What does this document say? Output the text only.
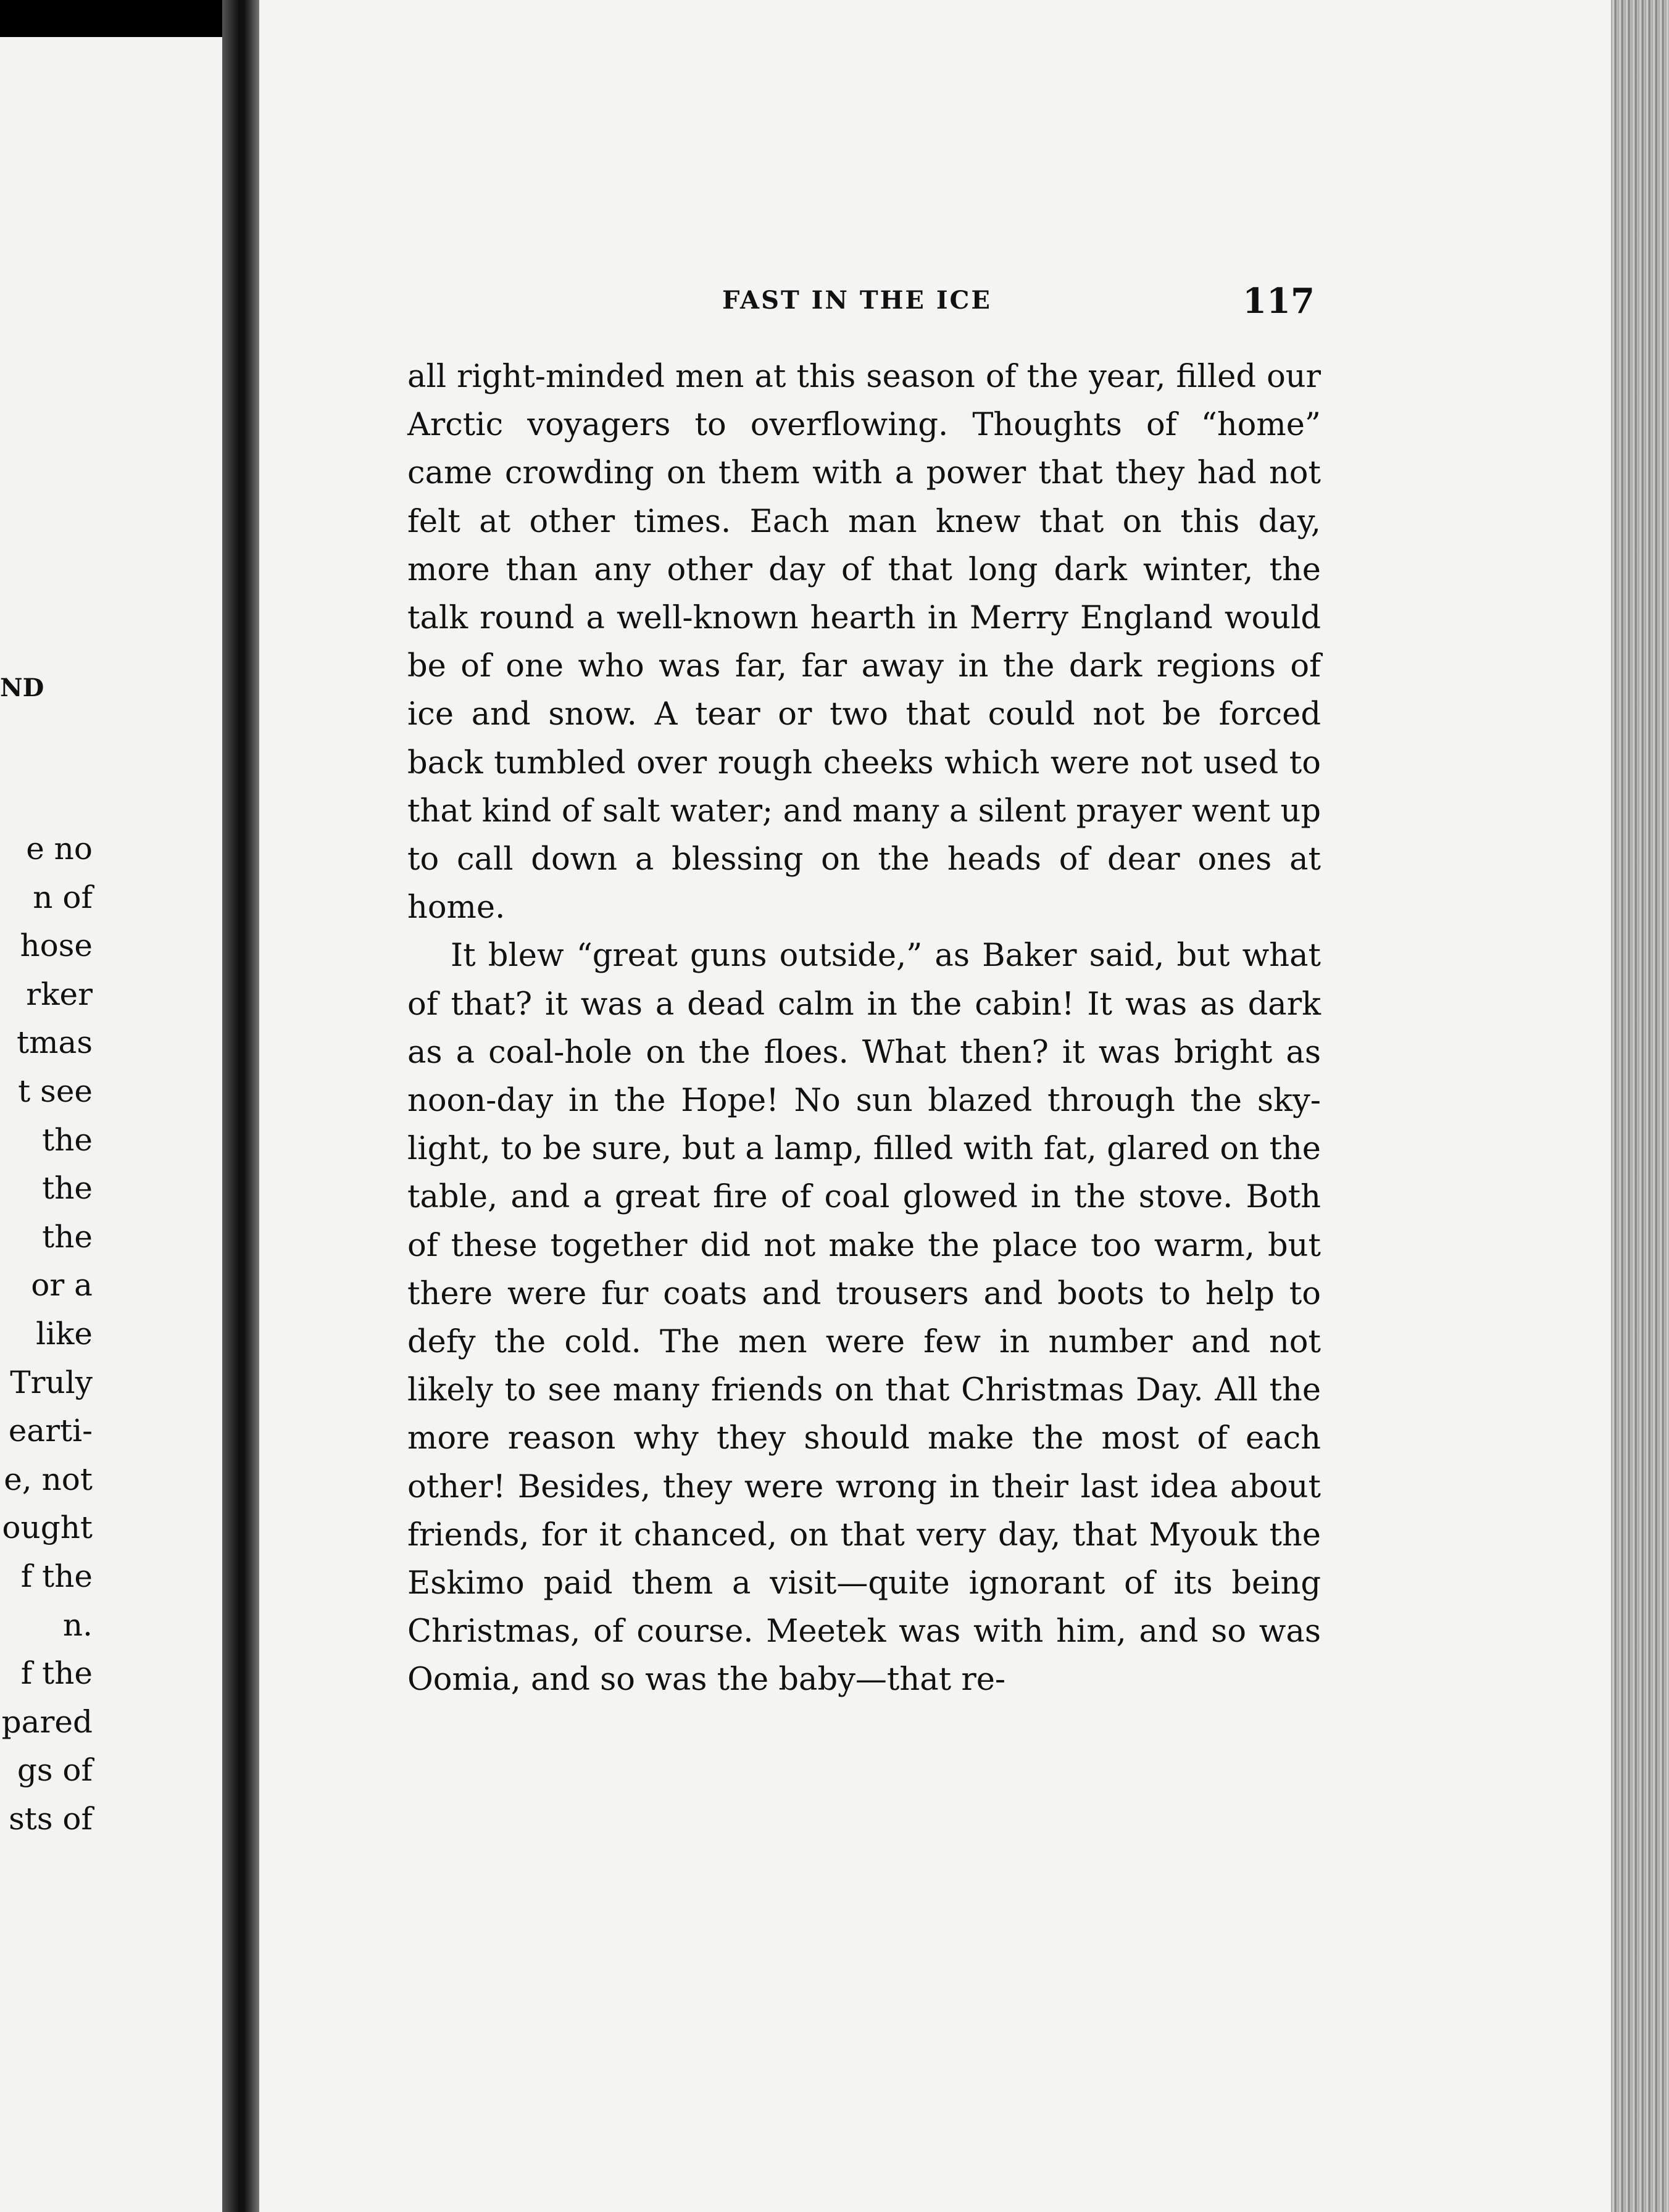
ND
e no
n of
hose
rker
tmas
t see
the
the
the
or a
like
Truly
earti-
e, not
ought
f the
n.
f the
pared
gs of
sts of
FAST IN THE ICE	117

all right-minded men at this season of the year, filled our Arctic voyagers to overflowing. Thoughts of “home” came crowding on them with a power that they had not felt at other times. Each man knew that on this day, more than any other day of that long dark winter, the talk round a well-known hearth in Merry England would be of one who was far, far away in the dark regions of ice and snow. A tear or two that could not be forced back tumbled over rough cheeks which were not used to that kind of salt water; and many a silent prayer went up to call down a blessing on the heads of dear ones at home.

It blew “great guns outside,” as Baker said, but what of that? it was a dead calm in the cabin! It was as dark as a coal-hole on the floes. What then? it was bright as noon-day in the Hope! No sun blazed through the sky-light, to be sure, but a lamp, filled with fat, glared on the table, and a great fire of coal glowed in the stove. Both of these together did not make the place too warm, but there were fur coats and trousers and boots to help to defy the cold. The men were few in number and not likely to see many friends on that Christmas Day. All the more reason why they should make the most of each other! Besides, they were wrong in their last idea about friends, for it chanced, on that very day, that Myouk the Eskimo paid them a visit—quite ignorant of its being Christmas, of course. Meetek was with him, and so was Oomia, and so was the baby—that re-
